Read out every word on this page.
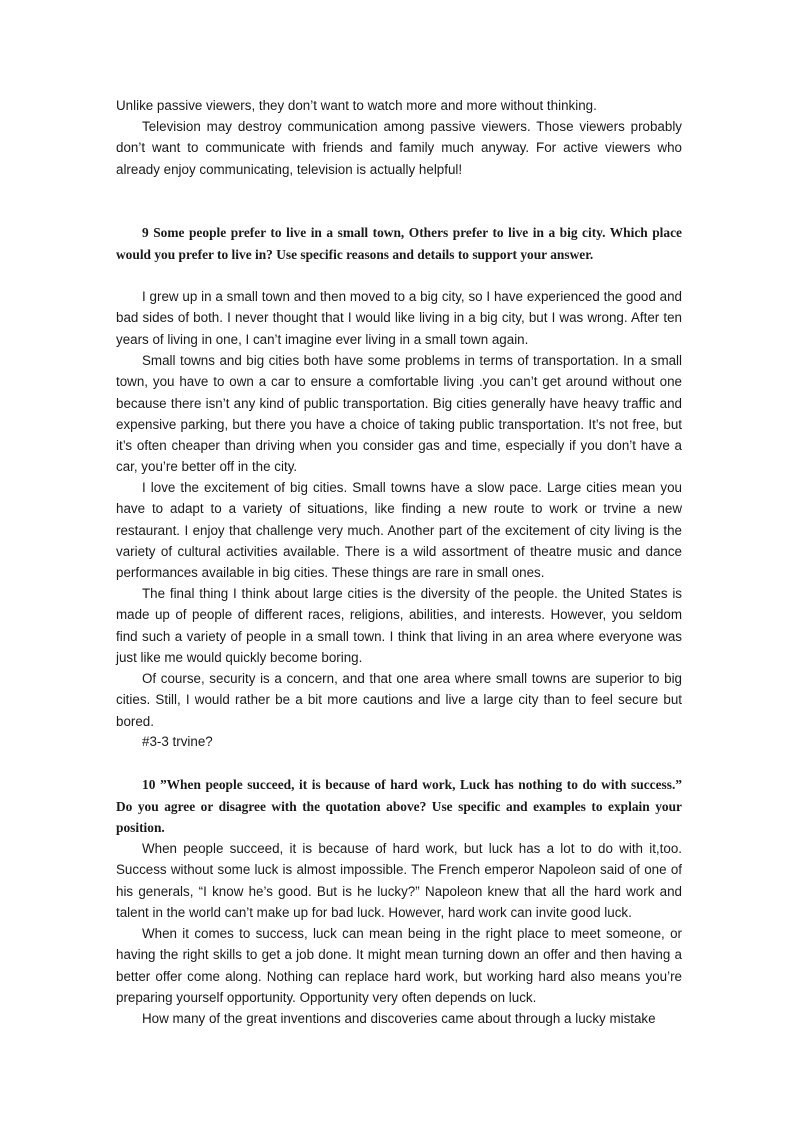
Unlike passive viewers, they don’t want to watch more and more without thinking.

Television may destroy communication among passive viewers. Those viewers probably don’t want to communicate with friends and family much anyway. For active viewers who already enjoy communicating, television is actually helpful!

9 Some people prefer to live in a small town, Others prefer to live in a big city. Which place would you prefer to live in? Use specific reasons and details to support your answer.

I grew up in a small town and then moved to a big city, so I have experienced the good and bad sides of both. I never thought that I would like living in a big city, but I was wrong. After ten years of living in one, I can’t imagine ever living in a small town again.

Small towns and big cities both have some problems in terms of transportation. In a small town, you have to own a car to ensure a comfortable living .you can’t get around without one because there isn’t any kind of public transportation. Big cities generally have heavy traffic and expensive parking, but there you have a choice of taking public transportation. It’s not free, but it’s often cheaper than driving when you consider gas and time, especially if you don’t have a car, you’re better off in the city.

I love the excitement of big cities. Small towns have a slow pace. Large cities mean you have to adapt to a variety of situations, like finding a new route to work or trvine a new restaurant. I enjoy that challenge very much. Another part of the excitement of city living is the variety of cultural activities available. There is a wild assortment of theatre music and dance performances available in big cities. These things are rare in small ones.

The final thing I think about large cities is the diversity of the people. the United States is made up of people of different races, religions, abilities, and interests. However, you seldom find such a variety of people in a small town. I think that living in an area where everyone was just like me would quickly become boring.

Of course, security is a concern, and that one area where small towns are superior to big cities. Still, I would rather be a bit more cautions and live a large city than to feel secure but bored.

#3-3 trvine?

10 ”When people succeed, it is because of hard work, Luck has nothing to do with success.” Do you agree or disagree with the quotation above? Use specific and examples to explain your position.

When people succeed, it is because of hard work, but luck has a lot to do with it,too. Success without some luck is almost impossible. The French emperor Napoleon said of one of his generals, “I know he’s good. But is he lucky?” Napoleon knew that all the hard work and talent in the world can’t make up for bad luck. However, hard work can invite good luck.

When it comes to success, luck can mean being in the right place to meet someone, or having the right skills to get a job done. It might mean turning down an offer and then having a better offer come along. Nothing can replace hard work, but working hard also means you’re preparing yourself opportunity. Opportunity very often depends on luck.

How many of the great inventions and discoveries came about through a lucky mistake
